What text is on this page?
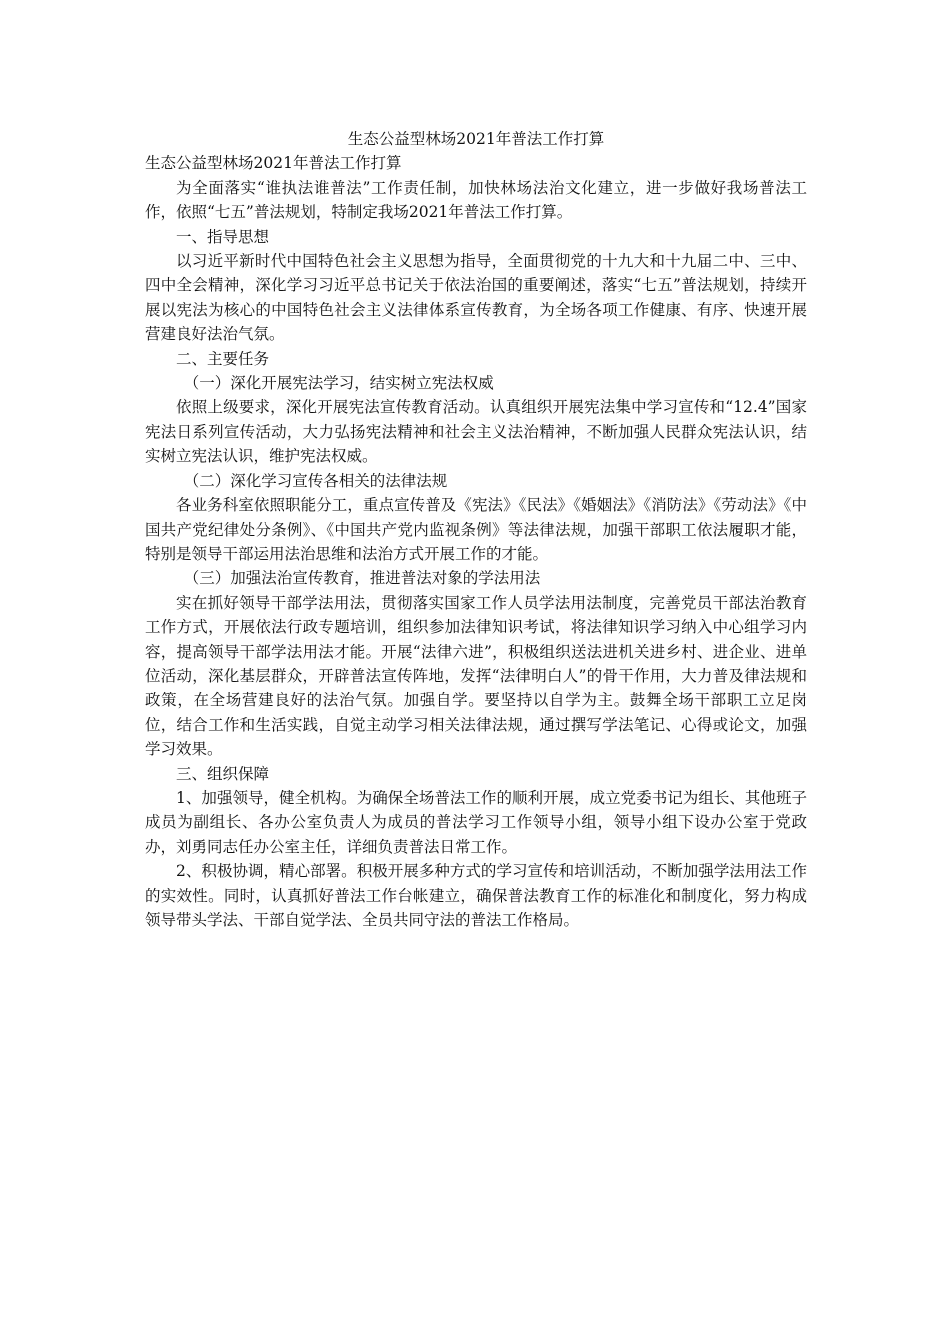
生态公益型林场2021年普法工作打算

生态公益型林场2021年普法工作打算

为全面落实“谁执法谁普法”工作责任制，加快林场法治文化建立，进一步做好我场普法工作，依照“七五”普法规划，特制定我场2021年普法工作打算。

一、指导思想

以习近平新时代中国特色社会主义思想为指导，全面贯彻党的十九大和十九届二中、三中、四中全会精神，深化学习习近平总书记关于依法治国的重要阐述，落实“七五”普法规划，持续开展以宪法为核心的中国特色社会主义法律体系宣传教育，为全场各项工作健康、有序、快速开展营建良好法治气氛。

二、主要任务

（一）深化开展宪法学习，结实树立宪法权威

依照上级要求，深化开展宪法宣传教育活动。认真组织开展宪法集中学习宣传和“12.4”国家宪法日系列宣传活动，大力弘扬宪法精神和社会主义法治精神，不断加强人民群众宪法认识，结实树立宪法认识，维护宪法权威。

（二）深化学习宣传各相关的法律法规

各业务科室依照职能分工，重点宣传普及《宪法》《民法》《婚姻法》《消防法》《劳动法》《中国共产党纪律处分条例》、《中国共产党内监视条例》等法律法规，加强干部职工依法履职才能，特别是领导干部运用法治思维和法治方式开展工作的才能。

（三）加强法治宣传教育，推进普法对象的学法用法

实在抓好领导干部学法用法，贯彻落实国家工作人员学法用法制度，完善党员干部法治教育工作方式，开展依法行政专题培训，组织参加法律知识考试，将法律知识学习纳入中心组学习内容，提高领导干部学法用法才能。开展“法律六进”，积极组织送法进机关进乡村、进企业、进单位活动，深化基层群众，开辟普法宣传阵地，发挥“法律明白人”的骨干作用，大力普及律法规和政策，在全场营建良好的法治气氛。加强自学。要坚持以自学为主。鼓舞全场干部职工立足岗位，结合工作和生活实践，自觉主动学习相关法律法规，通过撰写学法笔记、心得或论文，加强学习效果。

三、组织保障

1、加强领导，健全机构。为确保全场普法工作的顺利开展，成立党委书记为组长、其他班子成员为副组长、各办公室负责人为成员的普法学习工作领导小组，领导小组下设办公室于党政办，刘勇同志任办公室主任，详细负责普法日常工作。

2、积极协调，精心部署。积极开展多种方式的学习宣传和培训活动，不断加强学法用法工作的实效性。同时，认真抓好普法工作台帐建立，确保普法教育工作的标准化和制度化，努力构成领导带头学法、干部自觉学法、全员共同守法的普法工作格局。
